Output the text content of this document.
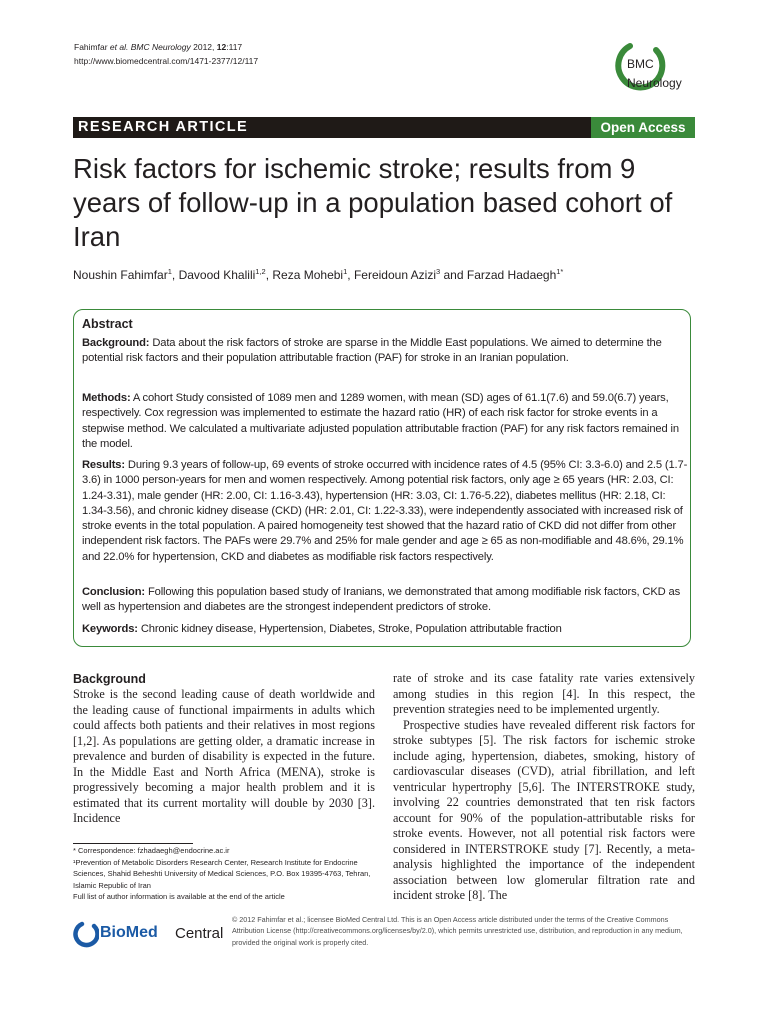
Fahimfar et al. BMC Neurology 2012, 12:117
http://www.biomedcentral.com/1471-2377/12/117	BMC
Neurology
RESEARCH ARTICLE	Open Access
Risk factors for ischemic stroke; results from 9 years of follow-up in a population based cohort of Iran
Noushin Fahimfar$^1$, Davood Khalili$^{1,2}$, Reza Mohebi$^1$, Fereidoun Azizi$^3$ and Farzad Hadaegh$^{1*}$
Abstract

Background: Data about the risk factors of stroke are sparse in the Middle East populations. We aimed to determine the potential risk factors and their population attributable fraction (PAF) for stroke in an Iranian population.

Methods: A cohort Study consisted of 1089 men and 1289 women, with mean (SD) ages of 61.1(7.6) and 59.0(6.7) years, respectively. Cox regression was implemented to estimate the hazard ratio (HR) of each risk factor for stroke events in a stepwise method. We calculated a multivariate adjusted population attributable fraction (PAF) for any risk factors remained in the model.

Results: During 9.3 years of follow-up, 69 events of stroke occurred with incidence rates of 4.5 (95% CI: 3.3-6.0) and 2.5 (1.7-3.6) in 1000 person-years for men and women respectively. Among potential risk factors, only age ≥ 65 years (HR: 2.03, CI: 1.24-3.31), male gender (HR: 2.00, CI: 1.16-3.43), hypertension (HR: 3.03, CI: 1.76-5.22), diabetes mellitus (HR: 2.18, CI: 1.34-3.56), and chronic kidney disease (CKD) (HR: 2.01, CI: 1.22-3.33), were independently associated with increased risk of stroke events in the total population. A paired homogeneity test showed that the hazard ratio of CKD did not differ from other independent risk factors. The PAFs were 29.7% and 25% for male gender and age ≥ 65 as non-modifiable and 48.6%, 29.1% and 22.0% for hypertension, CKD and diabetes as modifiable risk factors respectively.

Conclusion: Following this population based study of Iranians, we demonstrated that among modifiable risk factors, CKD as well as hypertension and diabetes are the strongest independent predictors of stroke.

Keywords: Chronic kidney disease, Hypertension, Diabetes, Stroke, Population attributable fraction

Background

Stroke is the second leading cause of death worldwide and the leading cause of functional impairments in adults which could affects both patients and their relatives in most regions [1,2]. As populations are getting older, a dramatic increase in prevalence and burden of disability is expected in the future. In the Middle East and North Africa (MENA), stroke is progressively becoming a major health problem and it is estimated that its current mortality will double by 2030 [3]. Incidence

rate of stroke and its case fatality rate varies extensively among studies in this region [4]. In this respect, the prevention strategies need to be implemented urgently.

Prospective studies have revealed different risk factors for stroke subtypes [5]. The risk factors for ischemic stroke include aging, hypertension, diabetes, smoking, history of cardiovascular diseases (CVD), atrial fibrillation, and left ventricular hypertrophy [5,6]. The INTERSTROKE study, involving 22 countries demonstrated that ten risk factors account for 90% of the population-attributable risks for stroke events. However, not all potential risk factors were considered in INTERSTROKE study [7]. Recently, a meta-analysis highlighted the importance of the independent association between low glomerular filtration rate and incident stroke [8]. The

* Correspondence: fzhadaegh@endocrine.ac.ir

¹Prevention of Metabolic Disorders Research Center, Research Institute for Endocrine Sciences, Shahid Beheshti University of Medical Sciences, P.O. Box 19395-4763, Tehran, Islamic Republic of Iran

Full list of author information is available at the end of the article

BioMed Central
© 2012 Fahimfar et al.; licensee BioMed Central Ltd. This is an Open Access article distributed under the terms of the Creative Commons Attribution License (http://creativecommons.org/licenses/by/2.0), which permits unrestricted use, distribution, and reproduction in any medium, provided the original work is properly cited.
